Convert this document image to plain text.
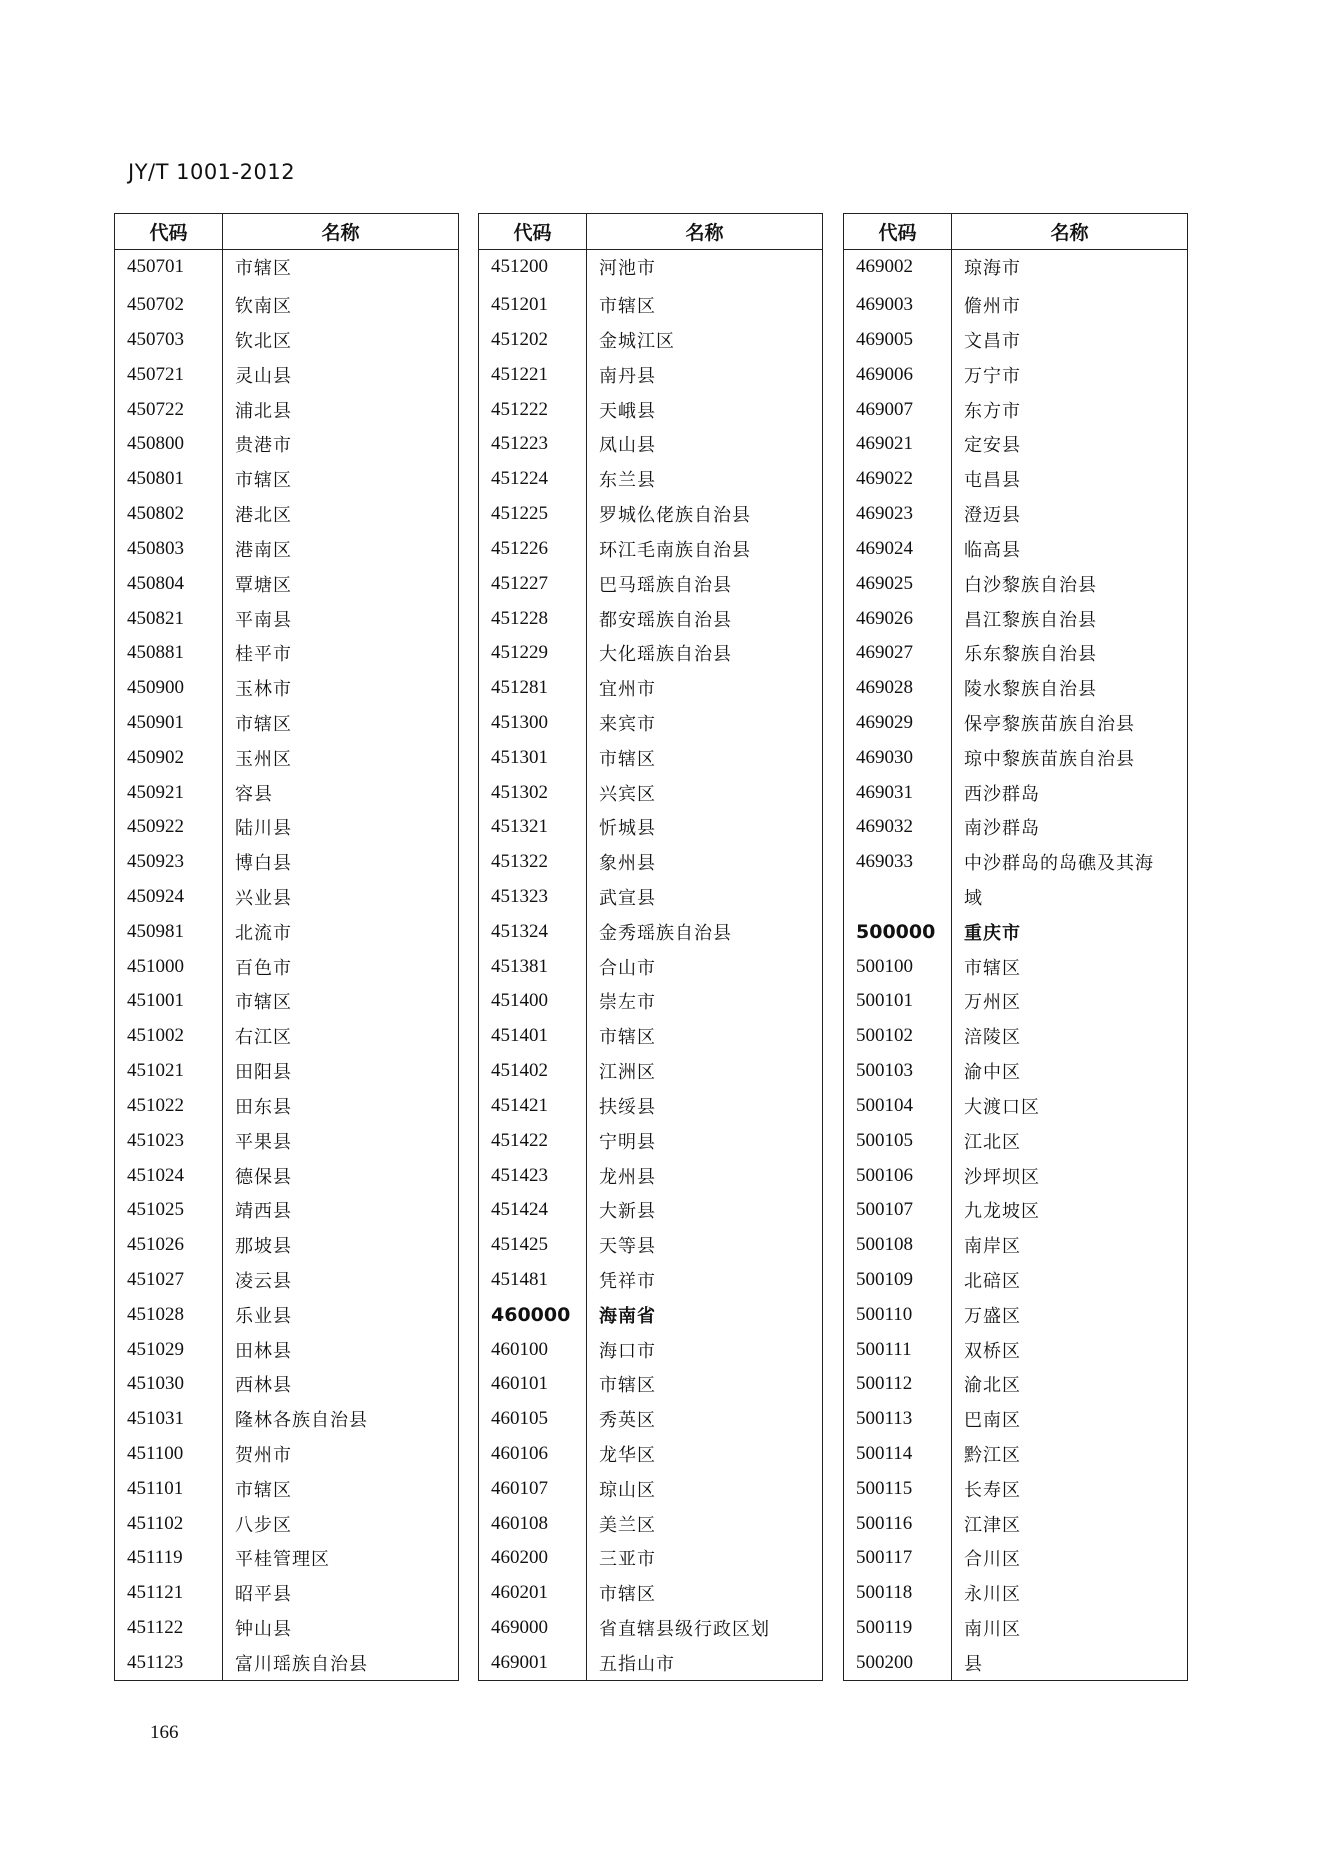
JY/T 1001-2012
代码	名称
450701	市辖区
450702	钦南区
450703	钦北区
450721	灵山县
450722	浦北县
450800	贵港市
450801	市辖区
450802	港北区
450803	港南区
450804	覃塘区
450821	平南县
450881	桂平市
450900	玉林市
450901	市辖区
450902	玉州区
450921	容县
450922	陆川县
450923	博白县
450924	兴业县
450981	北流市
451000	百色市
451001	市辖区
451002	右江区
451021	田阳县
451022	田东县
451023	平果县
451024	德保县
451025	靖西县
451026	那坡县
451027	凌云县
451028	乐业县
451029	田林县
451030	西林县
451031	隆林各族自治县
451100	贺州市
451101	市辖区
451102	八步区
451119	平桂管理区
451121	昭平县
451122	钟山县
451123	富川瑶族自治县
代码	名称
451200	河池市
451201	市辖区
451202	金城江区
451221	南丹县
451222	天峨县
451223	凤山县
451224	东兰县
451225	罗城仫佬族自治县
451226	环江毛南族自治县
451227	巴马瑶族自治县
451228	都安瑶族自治县
451229	大化瑶族自治县
451281	宜州市
451300	来宾市
451301	市辖区
451302	兴宾区
451321	忻城县
451322	象州县
451323	武宣县
451324	金秀瑶族自治县
451381	合山市
451400	崇左市
451401	市辖区
451402	江洲区
451421	扶绥县
451422	宁明县
451423	龙州县
451424	大新县
451425	天等县
451481	凭祥市
460000	海南省
460100	海口市
460101	市辖区
460105	秀英区
460106	龙华区
460107	琼山区
460108	美兰区
460200	三亚市
460201	市辖区
469000	省直辖县级行政区划
469001	五指山市
代码	名称
469002	琼海市
469003	儋州市
469005	文昌市
469006	万宁市
469007	东方市
469021	定安县
469022	屯昌县
469023	澄迈县
469024	临高县
469025	白沙黎族自治县
469026	昌江黎族自治县
469027	乐东黎族自治县
469028	陵水黎族自治县
469029	保亭黎族苗族自治县
469030	琼中黎族苗族自治县
469031	西沙群岛
469032	南沙群岛
469033	中沙群岛的岛礁及其海
	域
500000	重庆市
500100	市辖区
500101	万州区
500102	涪陵区
500103	渝中区
500104	大渡口区
500105	江北区
500106	沙坪坝区
500107	九龙坡区
500108	南岸区
500109	北碚区
500110	万盛区
500111	双桥区
500112	渝北区
500113	巴南区
500114	黔江区
500115	长寿区
500116	江津区
500117	合川区
500118	永川区
500119	南川区
500200	县
166
